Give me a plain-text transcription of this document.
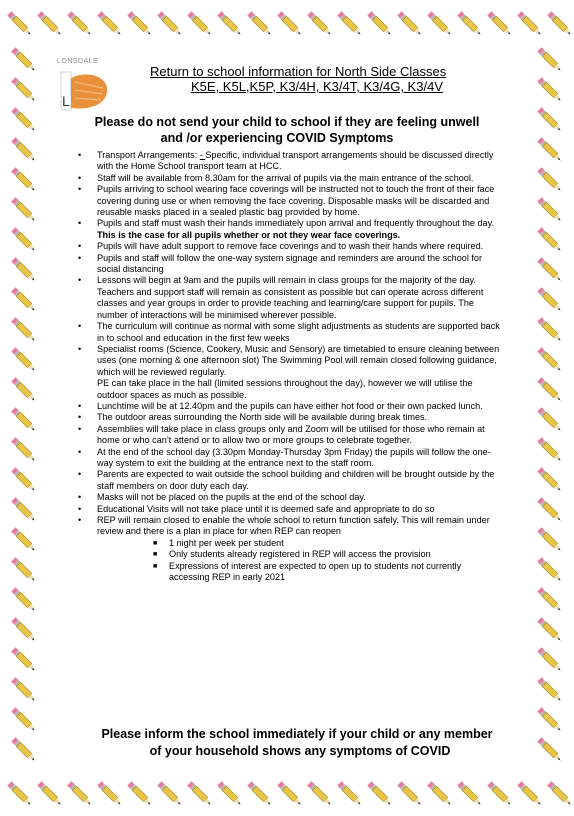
LONSDALE
L
Return to school information for North Side Classes
K5E, K5L,K5P, K3/4H, K3/4T, K3/4G, K3/4V
Please do not send your child to school if they are feeling unwell
and /or experiencing COVID Symptoms
• Transport Arrangements: - Specific, individual transport arrangements should be discussed directly with the Home School transport team at HCC.
• Staff will be available from 8.30am for the arrival of pupils via the main entrance of the school.
• Pupils arriving to school wearing face coverings will be instructed not to touch the front of their face covering during use or when removing the face covering. Disposable masks will be discarded and reusable masks placed in a sealed plastic bag provided by home.
• Pupils and staff must wash their hands immediately upon arrival and frequently throughout the day. This is the case for all pupils whether or not they wear face coverings.
• Pupils will have adult support to remove face coverings and to wash their hands where required.
• Pupils and staff will follow the one-way system signage and reminders are around the school for social distancing
• Lessons will begin at 9am and the pupils will remain in class groups for the majority of the day. Teachers and support staff will remain as consistent as possible but can operate across different classes and year groups in order to provide teaching and learning/care support for pupils. The number of interactions will be minimised wherever possible.
• The curriculum will continue as normal with some slight adjustments as students are supported back in to school and education in the first few weeks
• Specialist rooms (Science, Cookery, Music and Sensory) are timetabled to ensure cleaning between uses (one morning & one afternoon slot) The Swimming Pool will remain closed following guidance, which will be reviewed regularly.
PE can take place in the hall (limited sessions throughout the day), however we will utilise the outdoor spaces as much as possible.
• Lunchtime will be at 12.40pm and the pupils can have either hot food or their own packed lunch.
• The outdoor areas surrounding the North side will be available during break times.
• Assemblies will take place in class groups only and Zoom will be utilised for those who remain at home or who can’t attend or to allow two or more groups to celebrate together.
• At the end of the school day (3.30pm Monday-Thursday 3pm Friday) the pupils will follow the one-way system to exit the building at the entrance next to the staff room.
• Parents are expected to wait outside the school building and children will be brought outside by the staff members on door duty each day.
• Masks will not be placed on the pupils at the end of the school day.
• Educational Visits will not take place until it is deemed safe and appropriate to do so
• REP will remain closed to enable the whole school to return function safely. This will remain under review and there is a plan in place for when REP can reopen
■ 1 night per week per student
■ Only students already registered in REP will access the provision
■ Expressions of interest are expected to open up to students not currently accessing REP in early 2021
Please inform the school immediately if your child or any member
of your household shows any symptoms of COVID
